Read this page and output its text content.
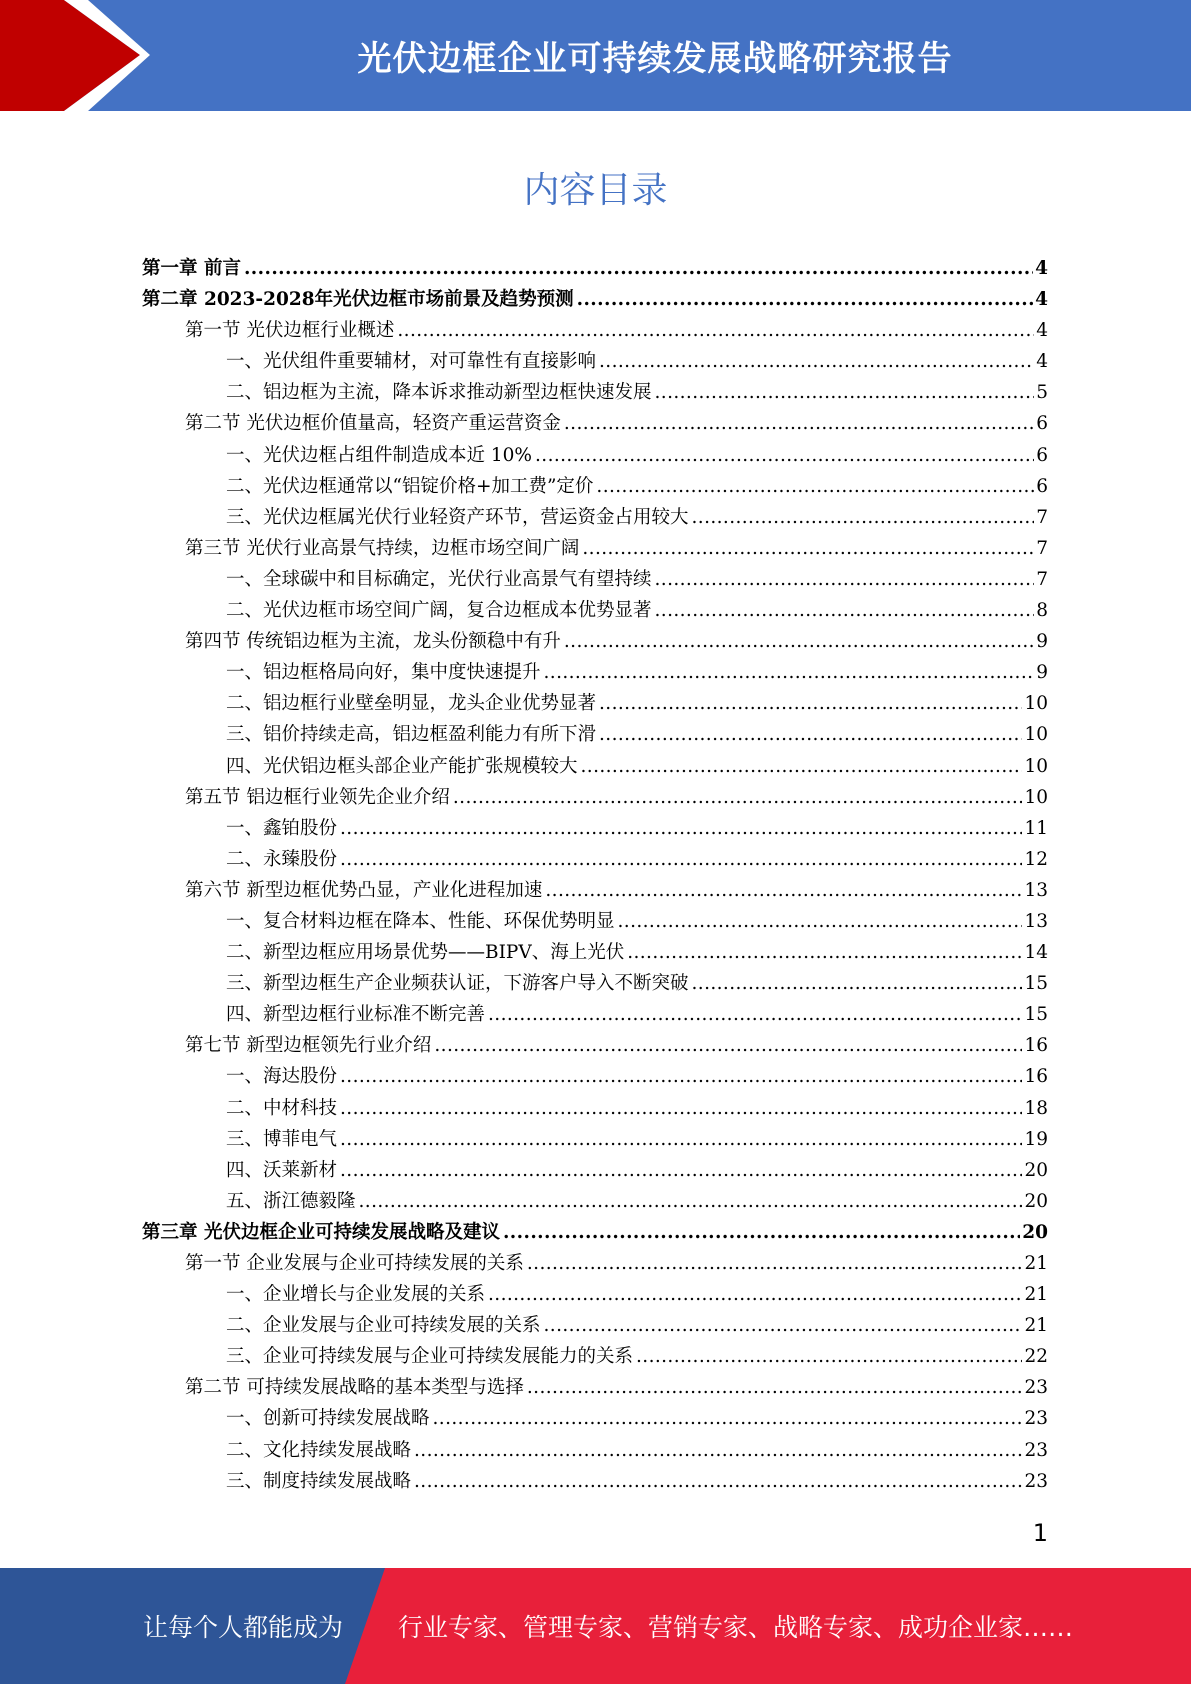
光伏边框企业可持续发展战略研究报告
内容目录
第一章 前言 .....	4
第二章 2023-2028年光伏边框市场前景及趋势预测 .....	4
第一节 光伏边框行业概述 .....	4
一、光伏组件重要辅材，对可靠性有直接影响 .....	4
二、铝边框为主流，降本诉求推动新型边框快速发展 .....	5
第二节 光伏边框价值量高，轻资产重运营资金 .....	6
一、光伏边框占组件制造成本近 10% .....	6
二、光伏边框通常以“铝锭价格+加工费”定价 .....	6
三、光伏边框属光伏行业轻资产环节，营运资金占用较大 .....	7
第三节 光伏行业高景气持续，边框市场空间广阔 .....	7
一、全球碳中和目标确定，光伏行业高景气有望持续 .....	7
二、光伏边框市场空间广阔，复合边框成本优势显著 .....	8
第四节 传统铝边框为主流，龙头份额稳中有升 .....	9
一、铝边框格局向好，集中度快速提升 .....	9
二、铝边框行业壁垒明显，龙头企业优势显著 .....	10
三、铝价持续走高，铝边框盈利能力有所下滑 .....	10
四、光伏铝边框头部企业产能扩张规模较大 .....	10
第五节 铝边框行业领先企业介绍 .....	10
一、鑫铂股份 .....	11
二、永臻股份 .....	12
第六节 新型边框优势凸显，产业化进程加速 .....	13
一、复合材料边框在降本、性能、环保优势明显 .....	13
二、新型边框应用场景优势——BIPV、海上光伏 .....	14
三、新型边框生产企业频获认证，下游客户导入不断突破 .....	15
四、新型边框行业标准不断完善 .....	15
第七节 新型边框领先行业介绍 .....	16
一、海达股份 .....	16
二、中材科技 .....	18
三、博菲电气 .....	19
四、沃莱新材 .....	20
五、浙江德毅隆 .....	20
第三章 光伏边框企业可持续发展战略及建议 .....	20
第一节 企业发展与企业可持续发展的关系 .....	21
一、企业增长与企业发展的关系 .....	21
二、企业发展与企业可持续发展的关系 .....	21
三、企业可持续发展与企业可持续发展能力的关系 .....	22
第二节 可持续发展战略的基本类型与选择 .....	23
一、创新可持续发展战略 .....	23
二、文化持续发展战略 .....	23
三、制度持续发展战略 .....	23
1
让每个人都能成为 行业专家、管理专家、营销专家、战略专家、成功企业家……
